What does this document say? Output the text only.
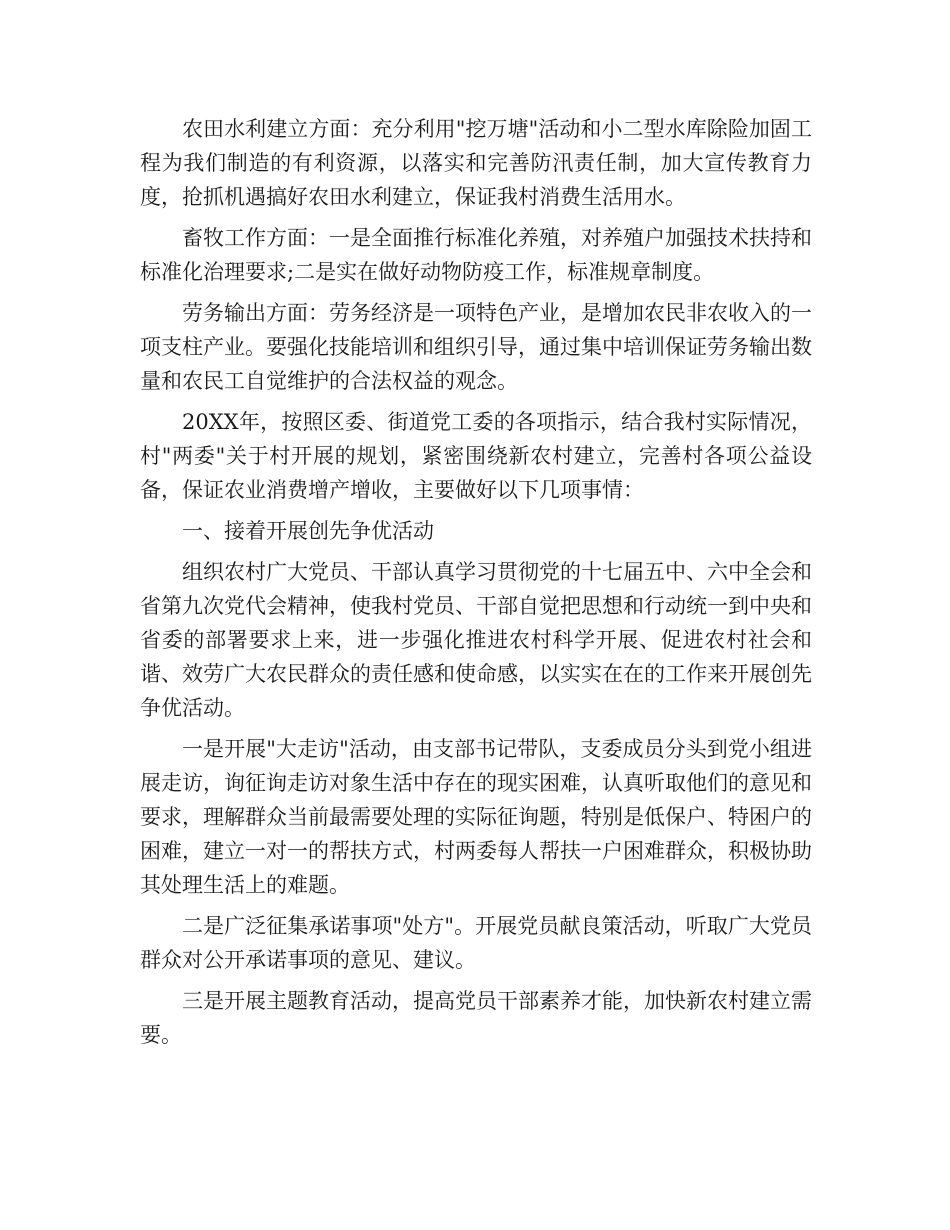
农田水利建立方面：充分利用"挖万塘"活动和小二型水库除险加固工程为我们制造的有利资源，以落实和完善防汛责任制，加大宣传教育力度，抢抓机遇搞好农田水利建立，保证我村消费生活用水。

畜牧工作方面：一是全面推行标准化养殖，对养殖户加强技术扶持和标准化治理要求;二是实在做好动物防疫工作，标准规章制度。

劳务输出方面：劳务经济是一项特色产业，是增加农民非农收入的一项支柱产业。要强化技能培训和组织引导，通过集中培训保证劳务输出数量和农民工自觉维护的合法权益的观念。

20XX年，按照区委、街道党工委的各项指示，结合我村实际情况，村"两委"关于村开展的规划，紧密围绕新农村建立，完善村各项公益设备，保证农业消费增产增收，主要做好以下几项事情：

一、接着开展创先争优活动

组织农村广大党员、干部认真学习贯彻党的十七届五中、六中全会和省第九次党代会精神，使我村党员、干部自觉把思想和行动统一到中央和省委的部署要求上来，进一步强化推进农村科学开展、促进农村社会和谐、效劳广大农民群众的责任感和使命感，以实实在在的工作来开展创先争优活动。

一是开展"大走访"活动，由支部书记带队，支委成员分头到党小组进展走访，询征询走访对象生活中存在的现实困难，认真听取他们的意见和要求，理解群众当前最需要处理的实际征询题，特别是低保户、特困户的困难，建立一对一的帮扶方式，村两委每人帮扶一户困难群众，积极协助其处理生活上的难题。

二是广泛征集承诺事项"处方"。开展党员献良策活动，听取广大党员群众对公开承诺事项的意见、建议。

三是开展主题教育活动，提高党员干部素养才能，加快新农村建立需要。
